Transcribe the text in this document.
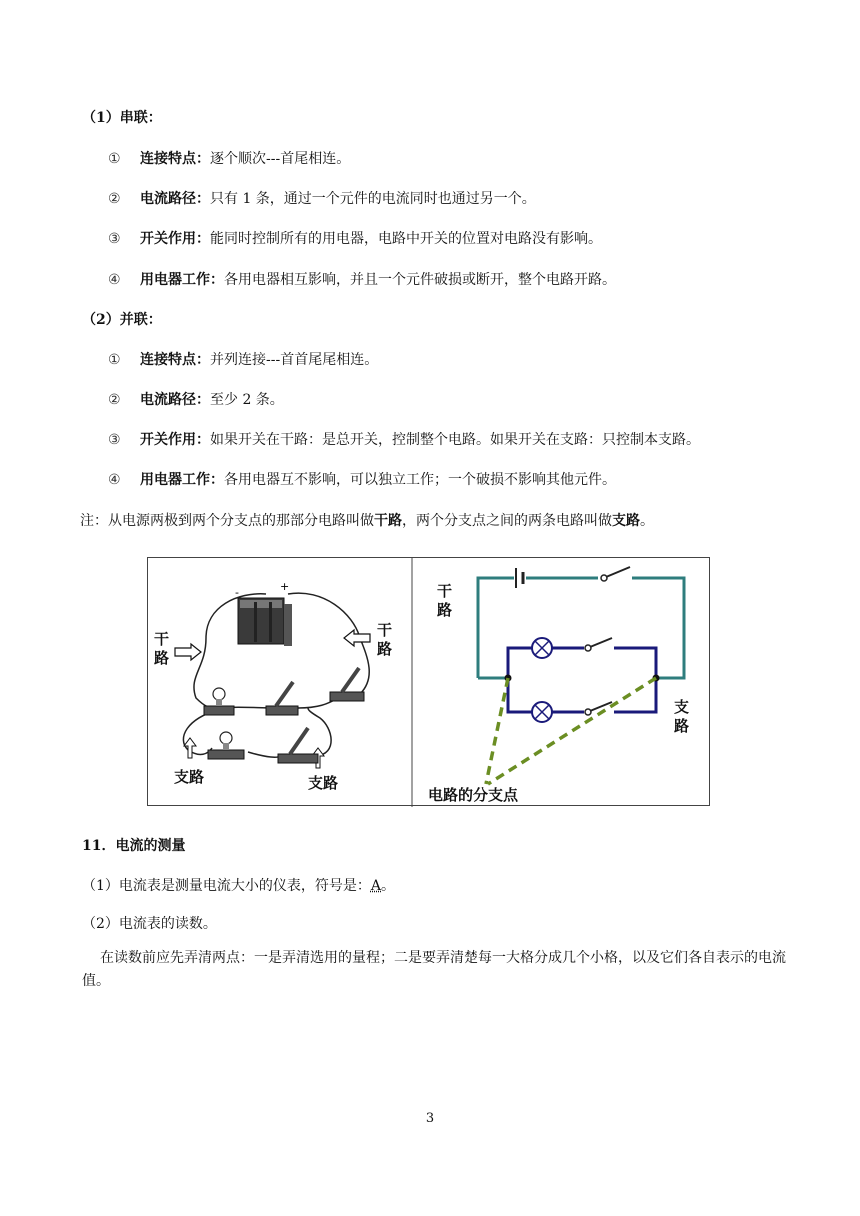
（1）串联：
① 连接特点：逐个顺次---首尾相连。
② 电流路径：只有 1 条，通过一个元件的电流同时也通过另一个。
③ 开关作用：能同时控制所有的用电器，电路中开关的位置对电路没有影响。
④ 用电器工作：各用电器相互影响，并且一个元件破损或断开，整个电路开路。
（2）并联：
① 连接特点：并列连接---首首尾尾相连。
② 电流路径：至少 2 条。
③ 开关作用：如果开关在干路：是总开关，控制整个电路。如果开关在支路：只控制本支路。
④ 用电器工作：各用电器互不影响，可以独立工作；一个破损不影响其他元件。
注：从电源两极到两个分支点的那部分电路叫做干路，两个分支点之间的两条电路叫做支路。
-	+
干路
干路
支路	支路
干路
支路
电路的分支点
11．电流的测量
（1）电流表是测量电流大小的仪表，符号是：A。
（2）电流表的读数。
在读数前应先弄清两点：一是弄清选用的量程；二是要弄清楚每一大格分成几个小格，以及它们各自表示的电流值。
3
